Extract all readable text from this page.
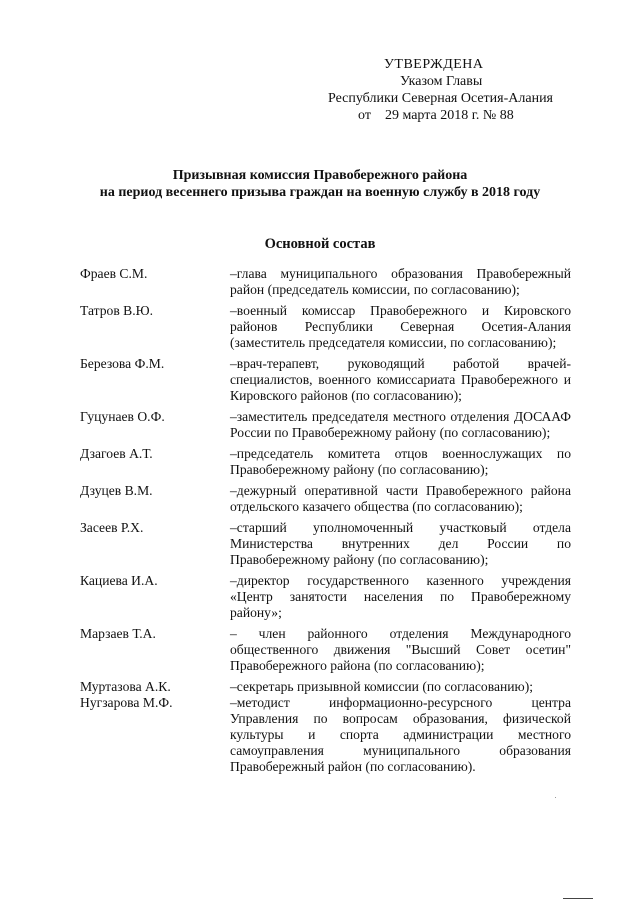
УТВЕРЖДЕНА
Указом Главы
Республики Северная Осетия-Алания
от 29 марта 2018 г. № 88
Призывная комиссия Правобережного района
на период весеннего призыва граждан на военную службу в 2018 году
Основной состав
Фраев С.М.	–глава муниципального образования Правобережный район (председатель комиссии, по согласованию);
Татров В.Ю.	–военный комиссар Правобережного и Кировского районов Республики Северная Осетия-Алания (заместитель председателя комиссии, по согласованию);
Березова Ф.М.	–врач-терапевт, руководящий работой врачей-специалистов, военного комиссариата Правобережного и Кировского районов (по согласованию);
Гуцунаев О.Ф.	–заместитель председателя местного отделения ДОСААФ России по Правобережному району (по согласованию);
Дзагоев А.Т.	–председатель комитета отцов военнослужащих по Правобережному району (по согласованию);
Дзуцев В.М.	–дежурный оперативной части Правобережного района отдельского казачего общества (по согласованию);
Засеев Р.Х.	–старший уполномоченный участковый отдела Министерства внутренних дел России по Правобережному району (по согласованию);
Кациева И.А.	–директор государственного казенного учреждения «Центр занятости населения по Правобережному району»;
Марзаев Т.А.	– член районного отделения Международного общественного движения "Высший Совет осетин" Правобережного района (по согласованию);
Муртазова А.К.	–секретарь призывной комиссии (по согласованию);
Нугзарова М.Ф.	–методист информационно-ресурсного центра Управления по вопросам образования, физической культуры и спорта администрации местного самоуправления муниципального образования Правобережный район (по согласованию).
